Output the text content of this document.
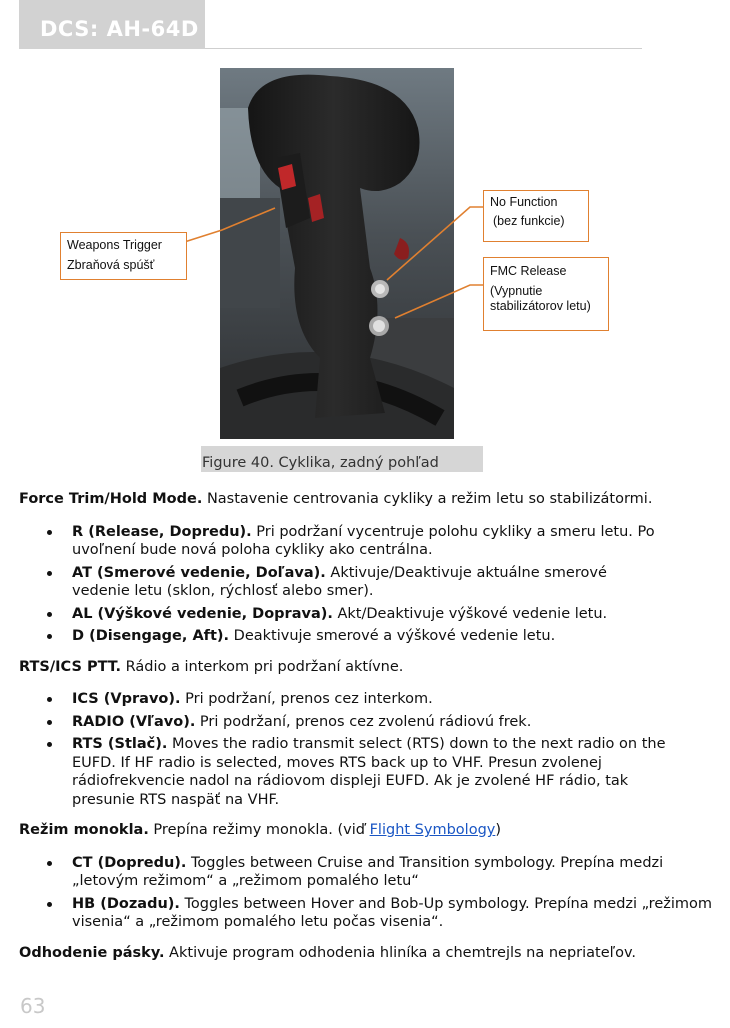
DCS: AH-64D
Weapons Trigger
Zbraňová spúšť
No Function
(bez funkcie)
FMC Release
(Vypnutie stabilizátorov letu)
Figure 40. Cyklika, zadný pohľad

Force Trim/Hold Mode. Nastavenie centrovania cykliky a režim letu so stabilizátormi.

R (Release, Dopredu). Pri podržaní vycentruje polohu cykliky a smeru letu. Po uvoľnení bude nová poloha cykliky ako centrálna.
AT (Smerové vedenie, Doľava). Aktivuje/Deaktivuje aktuálne smerové vedenie letu (sklon, rýchlosť alebo smer).
AL (Výškové vedenie, Doprava). Akt/Deaktivuje výškové vedenie letu.
D (Disengage, Aft). Deaktivuje smerové a výškové vedenie letu.

RTS/ICS PTT. Rádio a interkom pri podržaní aktívne.

ICS (Vpravo). Pri podržaní, prenos cez interkom.
RADIO (Vľavo). Pri podržaní, prenos cez zvolenú rádiovú frek.
RTS (Stlač). Moves the radio transmit select (RTS) down to the next radio on the EUFD. If HF radio is selected, moves RTS back up to VHF. Presun zvolenej rádiofrekvencie nadol na rádiovom displeji EUFD. Ak je zvolené HF rádio, tak presunie RTS naspäť na VHF.

Režim monokla. Prepína režimy monokla. (viď Flight Symbology)

CT (Dopredu). Toggles between Cruise and Transition symbology. Prepína medzi „letovým režimom“ a „režimom pomalého letu“
HB (Dozadu). Toggles between Hover and Bob-Up symbology. Prepína medzi „režimom visenia“ a „režimom pomalého letu počas visenia“.

Odhodenie pásky. Aktivuje program odhodenia hliníka a chemtrejls na nepriateľov.

63
